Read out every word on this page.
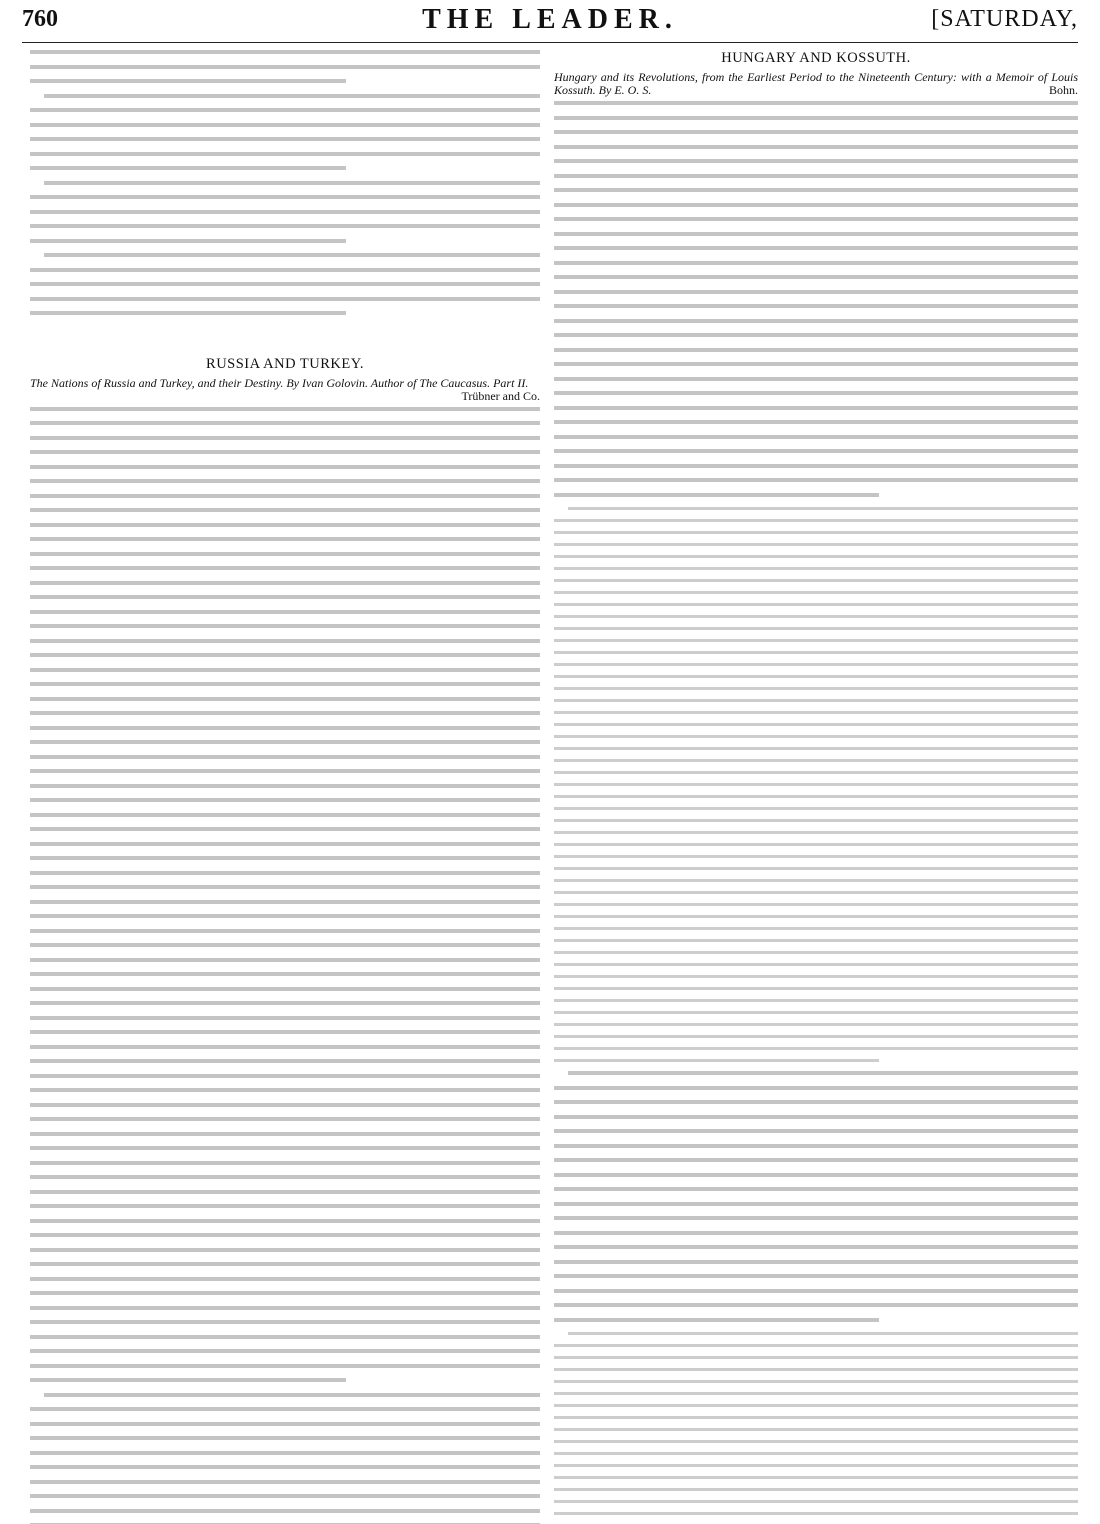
760	THE LEADER.	[SATURDAY,
RUSSIA AND TURKEY.
The Nations of Russia and Turkey, and their Destiny. By Ivan Golovin. Author of The Caucasus. Part II.
Trübner and Co.
HUNGARY AND KOSSUTH.
Hungary and its Revolutions, from the Earliest Period to the Nineteenth Century: with a Memoir of Louis Kossuth. By E. O. S.	Bohn.
